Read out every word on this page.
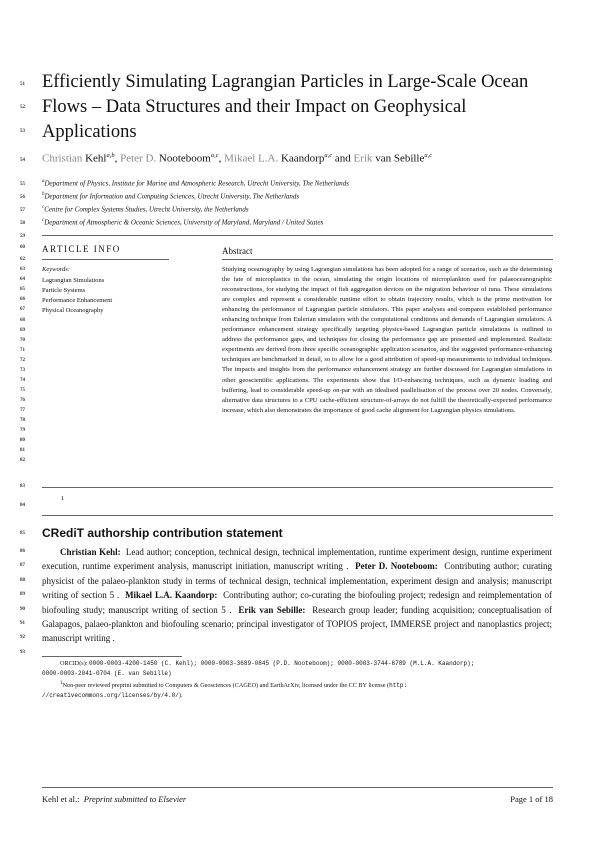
51
52
53
54
55
56
57
58
59
60
62
63
64
65
66
67
68
69
70
71
72
73
74
75
76
77
78
79
80
81
82
83
84
85
86
87
88
89
90
91
92
93
Efficiently Simulating Lagrangian Particles in Large-Scale Ocean Flows – Data Structures and their Impact on Geophysical Applications
Christian Kehl$^{a,b}$, Peter D. Nooteboom$^{a,c}$, Mikael L.A. Kaandorp$^{a,c}$ and Erik van Sebille$^{a,c}$
$^a$Department of Physics, Institute for Marine and Atmospheric Research, Utrecht University, The Netherlands
$^b$Department for Information and Computing Sciences, Utrecht University, The Netherlands
$^c$Centre for Complex Systems Studies, Utrecht University, the Netherlands
$^c$Department of Atmospheric & Oceanic Sciences, University of Maryland, Maryland / United States
ARTICLE INFO
Keywords:
Lagrangian Simulations
Particle Systems
Performance Enhancement
Physical Oceanography
Abstract
Studying oceanography by using Lagrangian simulations has been adopted for a range of scenarios, such as the determining the fate of microplastics in the ocean, simulating the origin locations of microplankton used for palaeoceanographic reconstructions, for studying the impact of fish aggregation devices on the migration behaviour of tuna. These simulations are complex and represent a considerable runtime effort to obtain trajectory results, which is the prime motivation for enhancing the performance of Lagrangian particle simulators. This paper analyses and compares established performance enhancing technique from Eulerian simulators with the computational conditions and demands of Lagrangian simulators. A performance enhancement strategy specifically targeting physics-based Lagrangian particle simulations is outlined to address the performance gaps, and techniques for closing the performance gap are presented and implemented. Realistic experiments are derived from three specific oceanographic application scenarios, and the suggested performance-enhancing techniques are benchmarked in detail, so to allow for a good attribution of speed-up measurements to individual techniques. The impacts and insights from the performance enhancement strategy are further discussed for Lagrangian simulations in other geoscientific applications. The experiments show that I/O-enhancing techniques, such as dynamic loading and buffering, lead to considerable speed-up on-par with an idealised paallelisation of the process over 20 nodes. Conversely, alternative data structures to a CPU cache-efficient structure-of-arrays do not fulfill the theoretically-expected performance increase, which also demonstrates the importance of good cache alignment for Lagrangian physics simulations.
1
CRediT authorship contribution statement
Christian Kehl: Lead author; conception, technical design, technical implementation, runtime experiment design, runtime experiment execution, runtime experiment analysis, manuscript initiation, manuscript writing . Peter D. Nooteboom: Contributing author; curating physicist of the palaeo-plankton study in terms of technical design, technical implementation, experiment design and analysis; manuscript writing of section 5 . Mikael L.A. Kaandorp: Contributing author; co-curating the biofouling project; redesign and reimplementation of biofouling study; manuscript writing of section 5 . Erik van Sebille: Research group leader; funding acquisition; conceptualisation of Galapagos, palaeo-plankton and biofouling scenario; principal investigator of TOPIOS project, IMMERSE project and nanoplastics project; manuscript writing .
ORCID(s): 0000-0003-4200-1450 (C. Kehl); 0000-0003-3689-0845 (P.D. Nooteboom); 0000-0003-3744-6789 (M.L.A. Kaandorp);
0000-0003-2041-0704 (E. van Sebille)
$^1$Non-peer reviewed preprint submitted to Computers & Geosciences (CAGEO) and EarthArXiv, licensed under the CC BY license (http:
//creativecommons.org/licenses/by/4.0/).
Kehl et al.: Preprint submitted to Elsevier	Page 1 of 18
